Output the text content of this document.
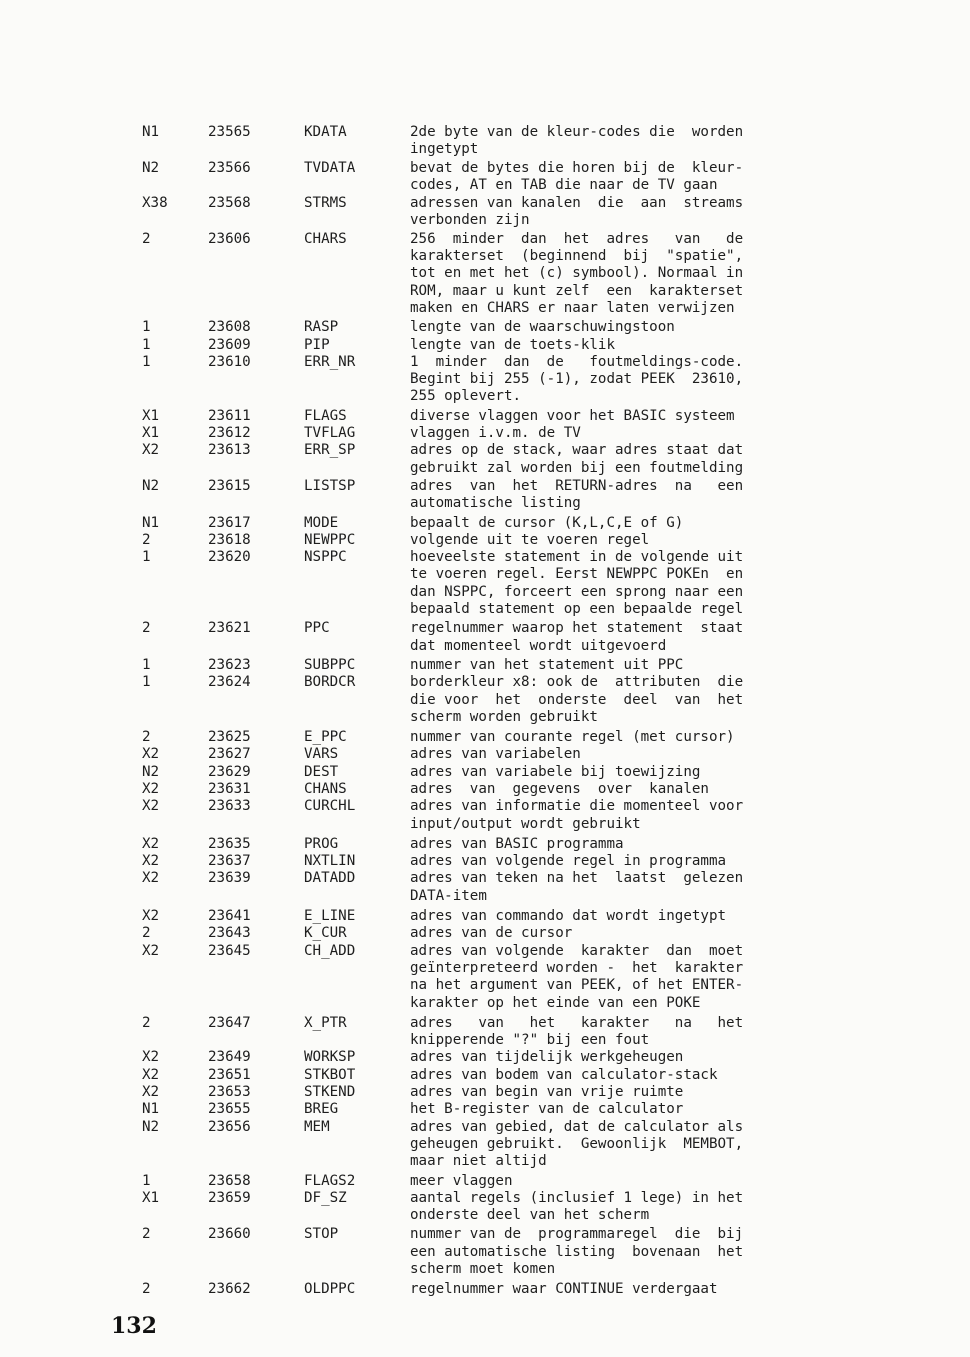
N1	23565	KDATA	2de byte van de kleur-codes die  worden
ingetypt
N2	23566	TVDATA	bevat de bytes die horen bij de  kleur-
codes, AT en TAB die naar de TV gaan
X38	23568	STRMS	adressen van kanalen  die  aan  streams
verbonden zijn
2	23606	CHARS	256  minder  dan  het  adres   van   de
karakterset  (beginnend  bij  "spatie",
tot en met het (c) symbool). Normaal in
ROM, maar u kunt zelf  een  karakterset
maken en CHARS er naar laten verwijzen
1	23608	RASP	lengte van de waarschuwingstoon
1	23609	PIP	lengte van de toets-klik
1	23610	ERR_NR	1  minder  dan  de   foutmeldings-code.
Begint bij 255 (-1), zodat PEEK  23610,
255 oplevert.
X1	23611	FLAGS	diverse vlaggen voor het BASIC systeem
X1	23612	TVFLAG	vlaggen i.v.m. de TV
X2	23613	ERR_SP	adres op de stack, waar adres staat dat
gebruikt zal worden bij een foutmelding
N2	23615	LISTSP	adres  van  het  RETURN-adres  na   een
automatische listing
N1	23617	MODE	bepaalt de cursor (K,L,C,E of G)
2	23618	NEWPPC	volgende uit te voeren regel
1	23620	NSPPC	hoeveelste statement in de volgende uit
te voeren regel. Eerst NEWPPC POKEn  en
dan NSPPC, forceert een sprong naar een
bepaald statement op een bepaalde regel
2	23621	PPC	regelnummer waarop het statement  staat
dat momenteel wordt uitgevoerd
1	23623	SUBPPC	nummer van het statement uit PPC
1	23624	BORDCR	borderkleur x8: ook de  attributen  die
die voor  het  onderste  deel  van  het
scherm worden gebruikt
2	23625	E_PPC	nummer van courante regel (met cursor)
X2	23627	VARS	adres van variabelen
N2	23629	DEST	adres van variabele bij toewijzing
X2	23631	CHANS	adres  van  gegevens  over  kanalen
X2	23633	CURCHL	adres van informatie die momenteel voor
input/output wordt gebruikt
X2	23635	PROG	adres van BASIC programma
X2	23637	NXTLIN	adres van volgende regel in programma
X2	23639	DATADD	adres van teken na het  laatst  gelezen
DATA-item
X2	23641	E_LINE	adres van commando dat wordt ingetypt
2	23643	K_CUR	adres van de cursor
X2	23645	CH_ADD	adres van volgende  karakter  dan  moet
geïnterpreteerd worden -  het  karakter
na het argument van PEEK, of het ENTER-
karakter op het einde van een POKE
2	23647	X_PTR	adres   van   het   karakter   na   het
knipperende "?" bij een fout
X2	23649	WORKSP	adres van tijdelijk werkgeheugen
X2	23651	STKBOT	adres van bodem van calculator-stack
X2	23653	STKEND	adres van begin van vrije ruimte
N1	23655	BREG	het B-register van de calculator
N2	23656	MEM	adres van gebied, dat de calculator als
geheugen gebruikt.  Gewoonlijk  MEMBOT,
maar niet altijd
1	23658	FLAGS2	meer vlaggen
X1	23659	DF_SZ	aantal regels (inclusief 1 lege) in het
onderste deel van het scherm
2	23660	STOP	nummer van de  programmaregel  die  bij
een automatische listing  bovenaan  het
scherm moet komen
2	23662	OLDPPC	regelnummer waar CONTINUE verdergaat
132
